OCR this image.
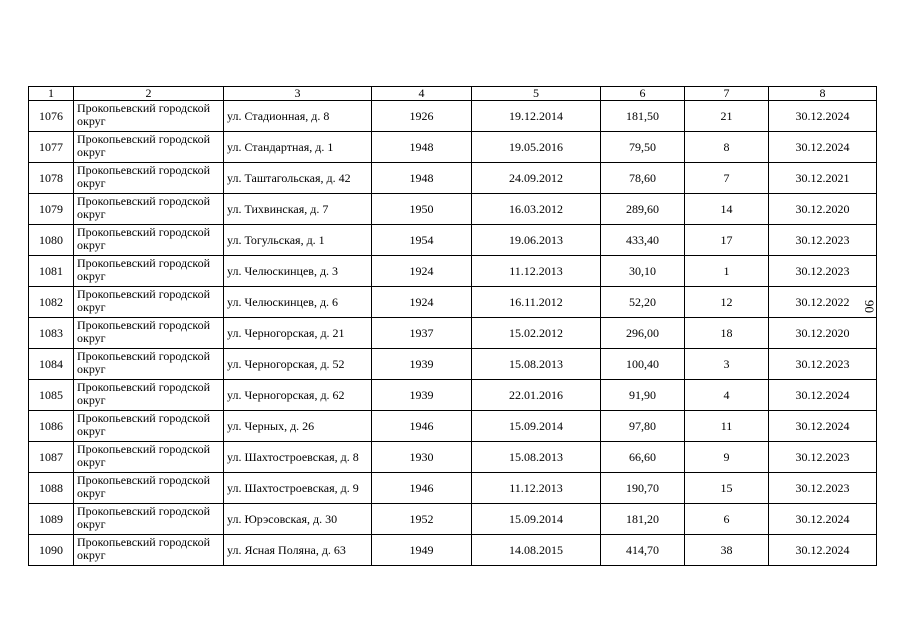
1	2	3	4	5	6	7	8
1076	Прокопьевский городской округ	ул. Стадионная, д. 8	1926	19.12.2014	181,50	21	30.12.2024
1077	Прокопьевский городской округ	ул. Стандартная, д. 1	1948	19.05.2016	79,50	8	30.12.2024
1078	Прокопьевский городской округ	ул. Таштагольская, д. 42	1948	24.09.2012	78,60	7	30.12.2021
1079	Прокопьевский городской округ	ул. Тихвинская, д. 7	1950	16.03.2012	289,60	14	30.12.2020
1080	Прокопьевский городской округ	ул. Тогульская, д. 1	1954	19.06.2013	433,40	17	30.12.2023
1081	Прокопьевский городской округ	ул. Челюскинцев, д. 3	1924	11.12.2013	30,10	1	30.12.2023
1082	Прокопьевский городской округ	ул. Челюскинцев, д. 6	1924	16.11.2012	52,20	12	30.12.2022
1083	Прокопьевский городской округ	ул. Черногорская, д. 21	1937	15.02.2012	296,00	18	30.12.2020
1084	Прокопьевский городской округ	ул. Черногорская, д. 52	1939	15.08.2013	100,40	3	30.12.2023
1085	Прокопьевский городской округ	ул. Черногорская, д. 62	1939	22.01.2016	91,90	4	30.12.2024
1086	Прокопьевский городской округ	ул. Черных, д. 26	1946	15.09.2014	97,80	11	30.12.2024
1087	Прокопьевский городской округ	ул. Шахтостроевская, д. 8	1930	15.08.2013	66,60	9	30.12.2023
1088	Прокопьевский городской округ	ул. Шахтостроевская, д. 9	1946	11.12.2013	190,70	15	30.12.2023
1089	Прокопьевский городской округ	ул. Юрэсовская, д. 30	1952	15.09.2014	181,20	6	30.12.2024
1090	Прокопьевский городской округ	ул. Ясная Поляна, д. 63	1949	14.08.2015	414,70	38	30.12.2024
90
